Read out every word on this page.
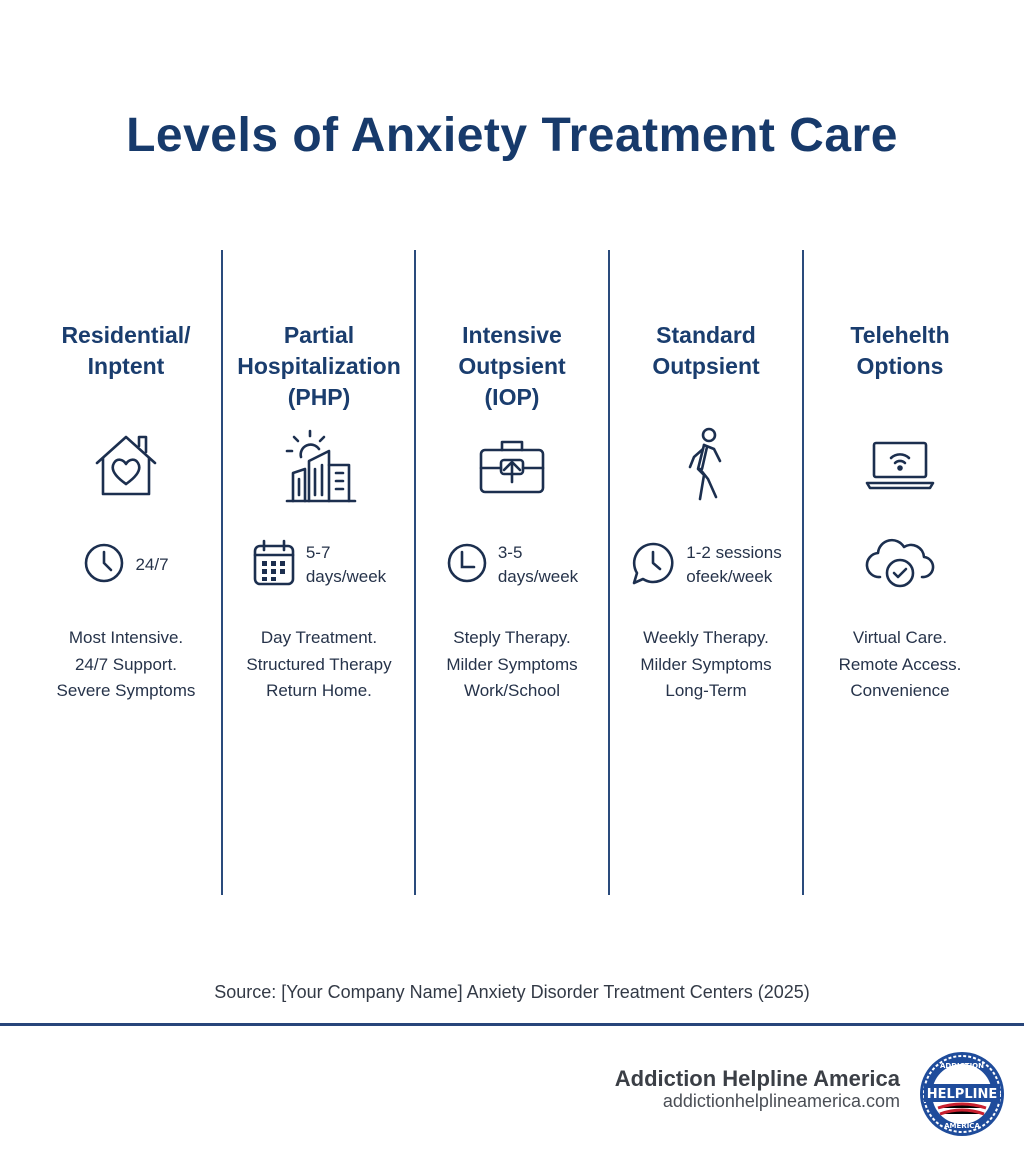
Levels of Anxiety Treatment Care
Residential/
Inptent
24/7
Most Intensive.
24/7 Support.
Severe Symptoms
Partial
Hospitalization
(PHP)
5-7
days/week
Day Treatment.
Structured Therapy
Return Home.
Intensive
Outpsient
(IOP)
3-5
days/week
Steply Therapy.
Milder Symptoms
Work/School
Standard
Outpsient
1-2 sessions
ofeek/week
Weekly Therapy.
Milder Symptoms
Long-Term
Telehelth
Options
Virtual Care.
Remote Access.
Convenience
Source: [Your Company Name] Anxiety Disorder Treatment Centers (2025)
Addiction Helpline America
addictionhelplineamerica.com HELPLINE
ADDICTION
AMERICA
